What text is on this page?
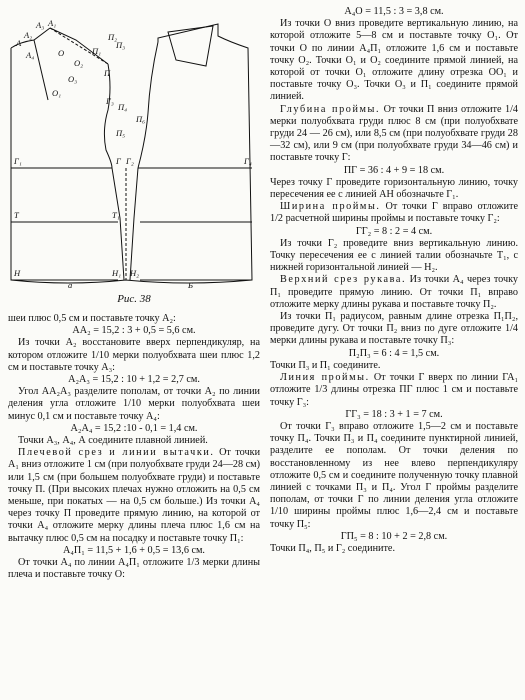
А
А₁
А₂
А₃
А₄	О
О₁
О₂
О₃
П
П₁
П₂
П₃
П₄
П₅
П₆
Г
Г₁	Г₂
Г₃
Г₄
Т	Т₁
Н	Н₁ Н₂
а	Б
Рис. 38

шеи плюс 0,5 см и поставьте точку А₂:

АА₂ = 15,2 : 3 + 0,5 = 5,6 см.

Из точки А₂ восстановите вверх перпендикуляр, на котором отложите 1/10 мерки полуобхвата шеи плюс 1,2 см и поставьте точку А₃:

А₂А₃ = 15,2 : 10 + 1,2 = 2,7 см.

Угол АА₂А₃ разделите пополам, от точки А₂ по линии деления угла отложите 1/10 мерки полуобхвата шеи минус 0,1 см и поставьте точку А₄:

А₂А₄ = 15,2 :10 - 0,1 = 1,4 см.

Точки А₃, А₄, А соедините плавной линией.

Плечевой срез и линии вытачки. От точки А₁ вниз отложите 1 см (при полуобхвате груди 24—28 см) или 1,5 см (при большем полуобхвате груди) и поставьте точку П. (При высоких плечах нужно отложить на 0,5 см меньше, при покатых — на 0,5 см больше.) Из точки А₄ через точку П проведите прямую линию, на которой от точки А₄ отложите мерку длины плеча плюс 1,6 см на вытачку плюс 0,5 см на посадку и поставьте точку П₁:

А₄П₁ = 11,5 + 1,6 + 0,5 = 13,6 см.

От точки А₄ по линии А₄П₁ отложите 1/3 мерки длины плеча и поставьте точку О:

А₄О = 11,5 : 3 = 3,8 см.

Из точки О вниз проведите вертикальную линию, на которой отложите 5—8 см и поставьте точку О₁. От точки О по линии А₄П₁ отложите 1,6 см и поставьте точку О₂. Точки О₁ и О₂ соедините прямой линией, на которой от точки О₁ отложите длину отрезка ОО₁ и поставьте точку О₃. Точки О₃ и П₁ соедините прямой линией.

Глубина проймы. От точки П вниз отложите 1/4 мерки полуобхвата груди плюс 8 см (при полуобхвате груди 24 — 26 см), или 8,5 см (при полуобхвате груди 28—32 см), или 9 см (при полуобхвате груди 34—46 см) и поставьте точку Г:

ПГ = 36 : 4 + 9 = 18 см.

Через точку Г проведите горизонтальную линию, точку пересечения ее с линией АН обозначьте Г₁.

Ширина проймы. От точки Г вправо отложите 1/2 расчетной ширины проймы и поставьте точку Г₂:

ГГ₂ = 8 : 2 = 4 см.

Из точки Г₂ проведите вниз вертикальную линию. Точку пересечения ее с линией талии обозначьте Т₁, с нижней горизонтальной линией — Н₂.

Верхний срез рукава. Из точки А₄ через точку П₁ проведите прямую линию. От точки П₁ вправо отложите мерку длины рукава и поставьте точку П₂.

Из точки П₁ радиусом, равным длине отрезка П₁П₂, проведите дугу. От точки П₂ вниз по дуге отложите 1/4 мерки длины рукава и поставьте точку П₃:

П₂П₃ = 6 : 4 = 1,5 см.

Точки П₃ и П₁ соедините.

Линия проймы. От точки Г вверх по линии ГА₁ отложите 1/3 длины отрезка ПГ плюс 1 см и поставьте точку Г₃:

ГГ₃ = 18 : 3 + 1 = 7 см.

От точки Г₃ вправо отложите 1,5—2 см и поставьте точку П₄. Точки П₃ и П₄ соедините пунктирной линией, разделите ее пополам. От точки деления по восстановленному из нее влево перпендикуляру отложите 0,5 см и соедините полученную точку плавной линией с точками П₃ и П₄. Угол Г проймы разделите пополам, от точки Г по линии деления угла отложите 1/10 ширины проймы плюс 1,6—2,4 см и поставьте точку П₅:

ГП₅ = 8 : 10 + 2 = 2,8 см.

Точки П₄, П₅ и Г₂ соедините.
